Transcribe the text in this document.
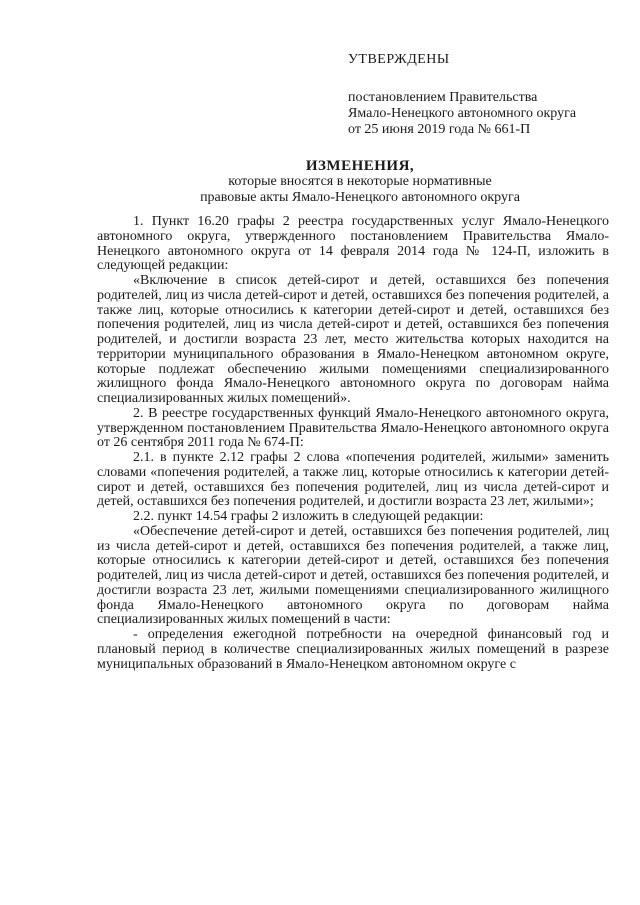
УТВЕРЖДЕНЫ

постановлением Правительства

Ямало-Ненецкого автономного округа

от 25 июня 2019 года № 661-П

ИЗМЕНЕНИЯ,

которые вносятся в некоторые нормативные

правовые акты Ямало-Ненецкого автономного округа

1. Пункт 16.20 графы 2 реестра государственных услуг Ямало-Ненецкого автономного округа, утвержденного постановлением Правительства Ямало-Ненецкого автономного округа от 14 февраля 2014 года № 124-П, изложить в следующей редакции:

«Включение в список детей-сирот и детей, оставшихся без попечения родителей, лиц из числа детей-сирот и детей, оставшихся без попечения родителей, а также лиц, которые относились к категории детей-сирот и детей, оставшихся без попечения родителей, лиц из числа детей-сирот и детей, оставшихся без попечения родителей, и достигли возраста 23 лет, место жительства которых находится на территории муниципального образования в Ямало-Ненецком автономном округе, которые подлежат обеспечению жилыми помещениями специализированного жилищного фонда Ямало-Ненецкого автономного округа по договорам найма специализированных жилых помещений».

2. В реестре государственных функций Ямало-Ненецкого автономного округа, утвержденном постановлением Правительства Ямало-Ненецкого автономного округа от 26 сентября 2011 года № 674-П:

2.1. в пункте 2.12 графы 2 слова «попечения родителей, жилыми» заменить словами «попечения родителей, а также лиц, которые относились к категории детей-сирот и детей, оставшихся без попечения родителей, лиц из числа детей-сирот и детей, оставшихся без попечения родителей, и достигли возраста 23 лет, жилыми»;

2.2. пункт 14.54 графы 2 изложить в следующей редакции:

«Обеспечение детей-сирот и детей, оставшихся без попечения родителей, лиц из числа детей-сирот и детей, оставшихся без попечения родителей, а также лиц, которые относились к категории детей-сирот и детей, оставшихся без попечения родителей, лиц из числа детей-сирот и детей, оставшихся без попечения родителей, и достигли возраста 23 лет, жилыми помещениями специализированного жилищного фонда Ямало-Ненецкого автономного округа по договорам найма специализированных жилых помещений в части:

- определения ежегодной потребности на очередной финансовый год и плановый период в количестве специализированных жилых помещений в разрезе муниципальных образований в Ямало-Ненецком автономном округе с
